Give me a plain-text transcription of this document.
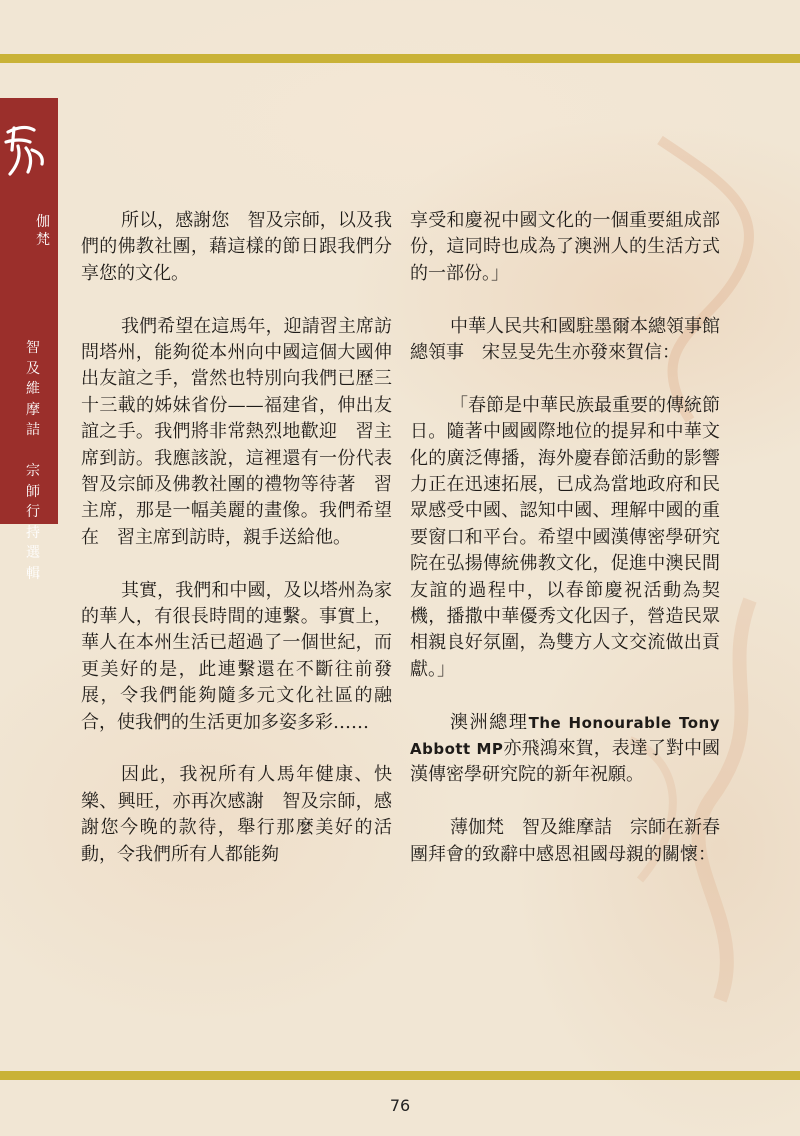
伽
梵
智
及
維
摩
詰

宗
師
行
持
選
輯

所以，感謝您　智及宗師，以及我們的佛教社團，藉這樣的節日跟我們分享您的文化。

我們希望在這馬年，迎請習主席訪問塔州，能夠從本州向中國這個大國伸出友誼之手，當然也特別向我們已歷三十三載的姊妹省份——福建省，伸出友誼之手。我們將非常熱烈地歡迎　習主席到訪。我應該說，這裡還有一份代表　智及宗師及佛教社團的禮物等待著　習主席，那是一幅美麗的畫像。我們希望在　習主席到訪時，親手送給他。

其實，我們和中國，及以塔州為家的華人，有很長時間的連繫。事實上，華人在本州生活已超過了一個世紀，而更美好的是，此連繫還在不斷往前發展，令我們能夠隨多元文化社區的融合，使我們的生活更加多姿多彩……

因此，我祝所有人馬年健康、快樂、興旺，亦再次感謝　智及宗師，感謝您今晚的款待，舉行那麼美好的活動，令我們所有人都能夠

享受和慶祝中國文化的一個重要組成部份，這同時也成為了澳洲人的生活方式的一部份。」

中華人民共和國駐墨爾本總領事館總領事　宋昱旻先生亦發來賀信：

「春節是中華民族最重要的傳統節日。隨著中國國際地位的提昇和中華文化的廣泛傳播，海外慶春節活動的影響力正在迅速拓展，已成為當地政府和民眾感受中國、認知中國、理解中國的重要窗口和平台。希望中國漢傳密學研究院在弘揚傳統佛教文化，促進中澳民間友誼的過程中，以春節慶祝活動為契機，播撒中華優秀文化因子，營造民眾相親良好氛圍，為雙方人文交流做出貢獻。」

澳洲總理The Honourable Tony Abbott MP亦飛鴻來賀，表達了對中國漢傳密學研究院的新年祝願。

薄伽梵　智及維摩詰　宗師在新春團拜會的致辭中感恩祖國母親的關懷：

76
